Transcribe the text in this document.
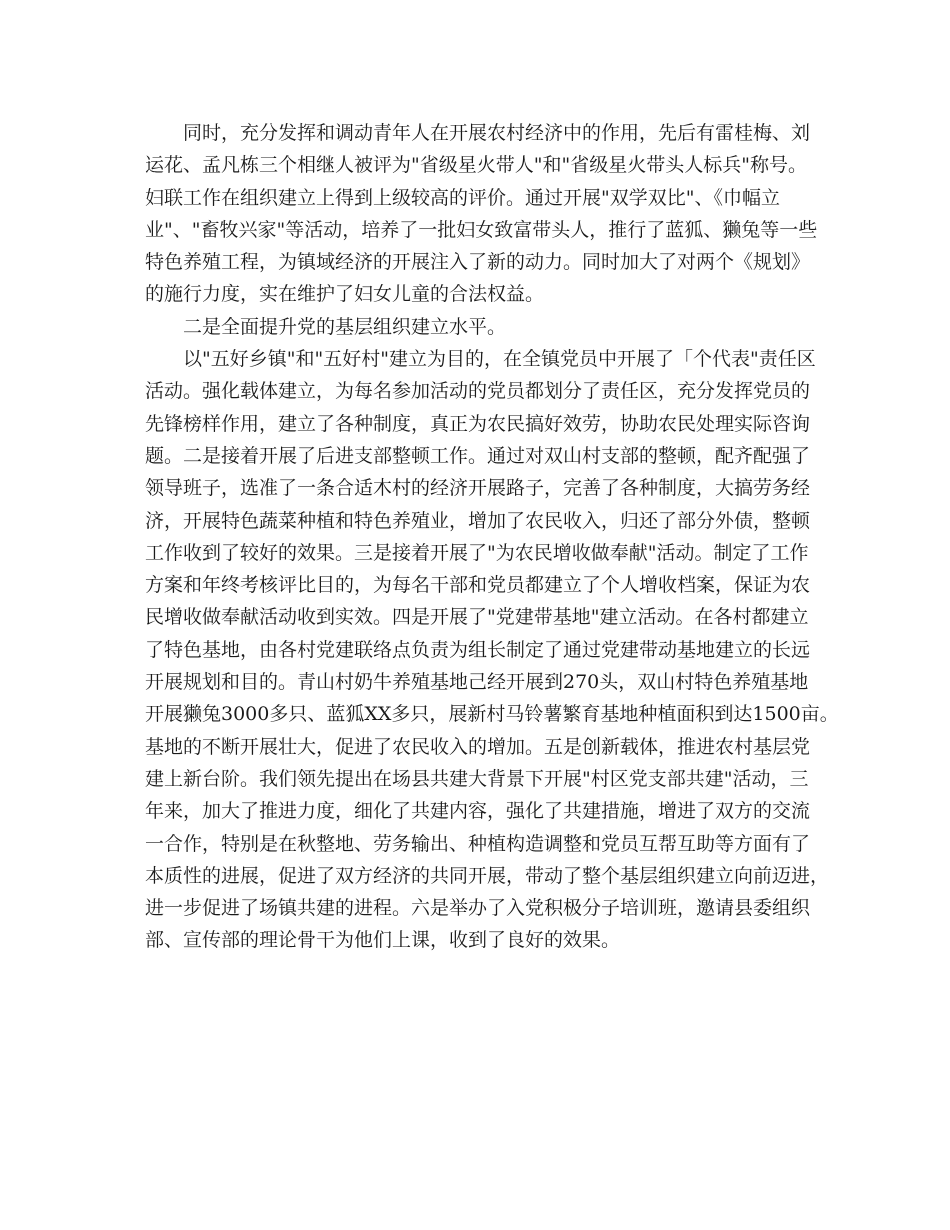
同时，充分发挥和调动青年人在开展农村经济中的作用，先后有雷桂梅、刘
运花、孟凡栋三个相继人被评为"省级星火带人"和"省级星火带头人标兵"称号。
妇联工作在组织建立上得到上级较高的评价。通过开展"双学双比"、《巾幅立
业"、"畜牧兴家"等活动，培养了一批妇女致富带头人，推行了蓝狐、獭兔等一些
特色养殖工程，为镇域经济的开展注入了新的动力。同时加大了对两个《规划》
的施行力度，实在维护了妇女儿童的合法权益。
二是全面提升党的基层组织建立水平。
以"五好乡镇"和"五好村"建立为目的，在全镇党员中开展了「个代表"责任区
活动。强化载体建立，为每名参加活动的党员都划分了责任区，充分发挥党员的
先锋榜样作用，建立了各种制度，真正为农民搞好效劳，协助农民处理实际咨询
题。二是接着开展了后进支部整顿工作。通过对双山村支部的整顿，配齐配强了
领导班子，选准了一条合适木村的经济开展路子，完善了各种制度，大搞劳务经
济，开展特色蔬菜种植和特色养殖业，增加了农民收入，归还了部分外债，整顿
工作收到了较好的效果。三是接着开展了"为农民增收做奉献"活动。制定了工作
方案和年终考核评比目的，为每名干部和党员都建立了个人增收档案，保证为农
民增收做奉献活动收到实效。四是开展了"党建带基地"建立活动。在各村都建立
了特色基地，由各村党建联络点负责为组长制定了通过党建带动基地建立的长远
开展规划和目的。青山村奶牛养殖基地己经开展到270头，双山村特色养殖基地
开展獭兔3000多只、蓝狐XX多只，展新村马铃薯繁育基地种植面积到达1500亩。
基地的不断开展壮大，促进了农民收入的增加。五是创新载体，推进农村基层党
建上新台阶。我们领先提出在场县共建大背景下开展"村区党支部共建"活动，三
年来，加大了推进力度，细化了共建内容，强化了共建措施，增进了双方的交流
一合作，特别是在秋整地、劳务输出、种植构造调整和党员互帮互助等方面有了
本质性的进展，促进了双方经济的共同开展，带动了整个基层组织建立向前迈进，
进一步促进了场镇共建的进程。六是举办了入党积极分子培训班，邀请县委组织
部、宣传部的理论骨干为他们上课，收到了良好的效果。
